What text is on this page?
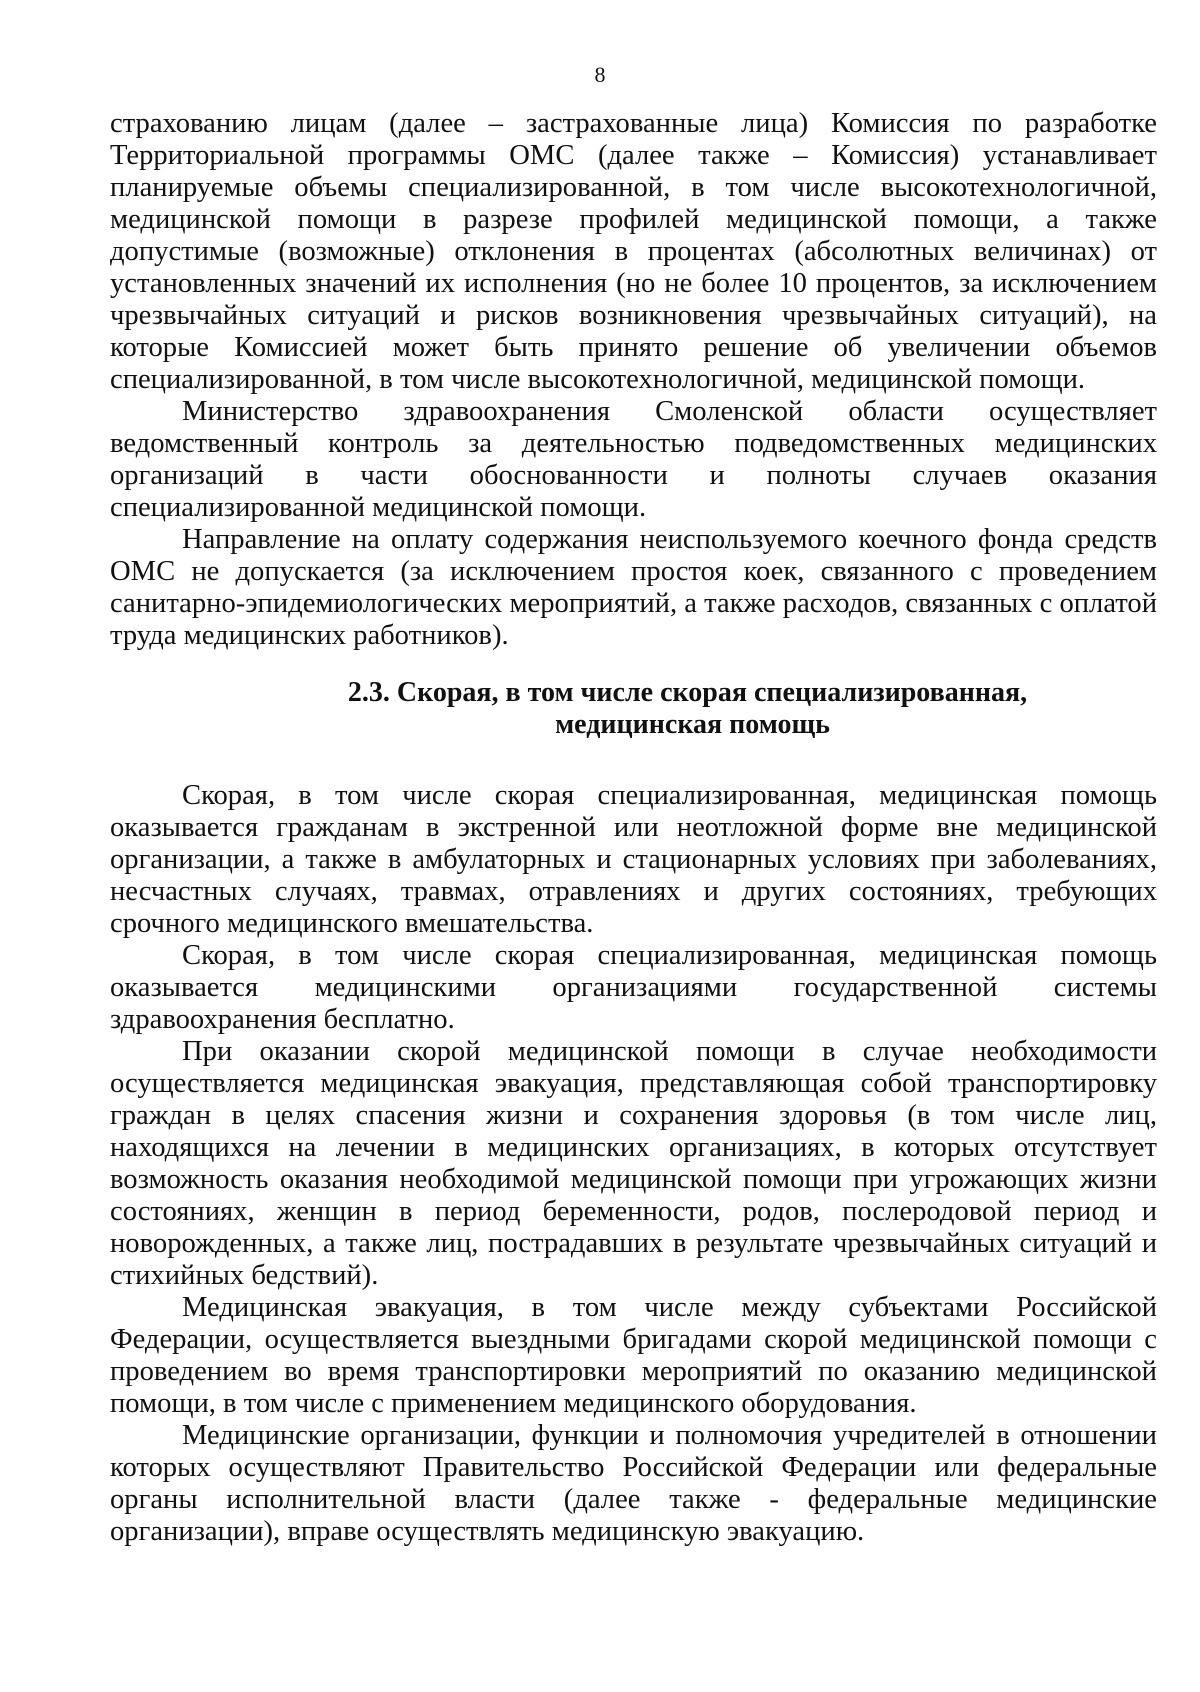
8

страхованию лицам (далее – застрахованные лица) Комиссия по разработке Территориальной программы ОМС (далее также – Комиссия) устанавливает планируемые объемы специализированной, в том числе высокотехнологичной, медицинской помощи в разрезе профилей медицинской помощи, а также допустимые (возможные) отклонения в процентах (абсолютных величинах) от установленных значений их исполнения (но не более 10 процентов, за исключением чрезвычайных ситуаций и рисков возникновения чрезвычайных ситуаций), на которые Комиссией может быть принято решение об увеличении объемов специализированной, в том числе высокотехнологичной, медицинской помощи.

Министерство здравоохранения Смоленской области осуществляет ведомственный контроль за деятельностью подведомственных медицинских организаций в части обоснованности и полноты случаев оказания специализированной медицинской помощи.

Направление на оплату содержания неиспользуемого коечного фонда средств ОМС не допускается (за исключением простоя коек, связанного с проведением санитарно-эпидемиологических мероприятий, а также расходов, связанных с оплатой труда медицинских работников).

2.3. Скорая, в том числе скорая специализированная,
медицинская помощь

Скорая, в том числе скорая специализированная, медицинская помощь оказывается гражданам в экстренной или неотложной форме вне медицинской организации, а также в амбулаторных и стационарных условиях при заболеваниях, несчастных случаях, травмах, отравлениях и других состояниях, требующих срочного медицинского вмешательства.

Скорая, в том числе скорая специализированная, медицинская помощь оказывается медицинскими организациями государственной системы здравоохранения бесплатно.

При оказании скорой медицинской помощи в случае необходимости осуществляется медицинская эвакуация, представляющая собой транспортировку граждан в целях спасения жизни и сохранения здоровья (в том числе лиц, находящихся на лечении в медицинских организациях, в которых отсутствует возможность оказания необходимой медицинской помощи при угрожающих жизни состояниях, женщин в период беременности, родов, послеродовой период и новорожденных, а также лиц, пострадавших в результате чрезвычайных ситуаций и стихийных бедствий).

Медицинская эвакуация, в том числе между субъектами Российской Федерации, осуществляется выездными бригадами скорой медицинской помощи с проведением во время транспортировки мероприятий по оказанию медицинской помощи, в том числе с применением медицинского оборудования.

Медицинские организации, функции и полномочия учредителей в отношении которых осуществляют Правительство Российской Федерации или федеральные органы исполнительной власти (далее также - федеральные медицинские организации), вправе осуществлять медицинскую эвакуацию.
